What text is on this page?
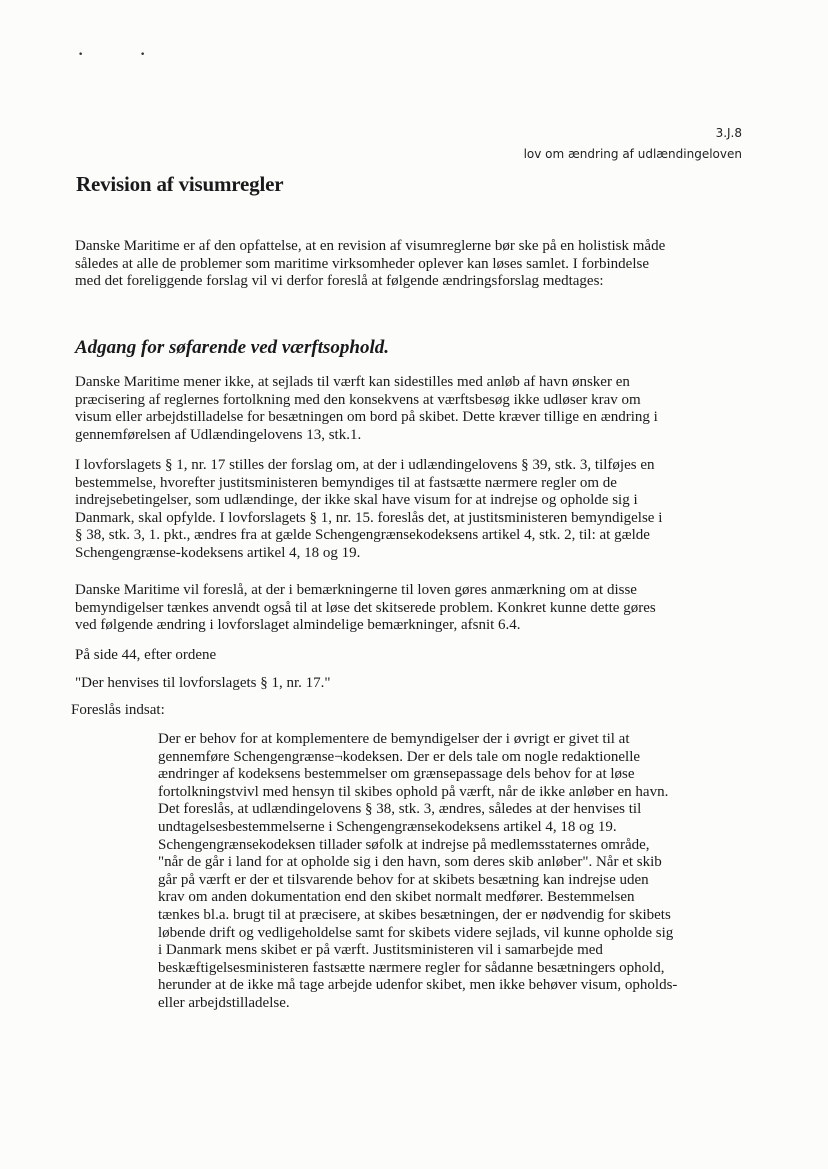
•	•
3.J.8
lov om ændring af udlændingeloven
Revision af visumregler

Danske Maritime er af den opfattelse, at en revision af visumreglerne bør ske på en holistisk måde
således at alle de problemer som maritime virksomheder oplever kan løses samlet. I forbindelse
med det foreliggende forslag vil vi derfor foreslå at følgende ændringsforslag medtages:

Adgang for søfarende ved værftsophold.

Danske Maritime mener ikke, at sejlads til værft kan sidestilles med anløb af havn ønsker en
præcisering af reglernes fortolkning med den konsekvens at værftsbesøg ikke udløser krav om
visum eller arbejdstilladelse for besætningen om bord på skibet. Dette kræver tillige en ændring i
gennemførelsen af Udlændingelovens 13, stk.1.

I lovforslagets § 1, nr. 17 stilles der forslag om, at der i udlændingelovens § 39, stk. 3, tilføjes en
bestemmelse, hvorefter justitsministeren bemyndiges til at fastsætte nærmere regler om de
indrejsebetingelser, som udlændinge, der ikke skal have visum for at indrejse og opholde sig i
Danmark, skal opfylde. I lovforslagets § 1, nr. 15. foreslås det, at justitsministeren bemyndigelse i
§ 38, stk. 3, 1. pkt., ændres fra at gælde Schengengrænsekodeksens artikel 4, stk. 2, til: at gælde
Schengengrænse-kodeksens artikel 4, 18 og 19.

Danske Maritime vil foreslå, at der i bemærkningerne til loven gøres anmærkning om at disse
bemyndigelser tænkes anvendt også til at løse det skitserede problem. Konkret kunne dette gøres
ved følgende ændring i lovforslaget almindelige bemærkninger, afsnit 6.4.

På side 44, efter ordene

"Der henvises til lovforslagets § 1, nr. 17."

Foreslås indsat:

Der er behov for at komplementere de bemyndigelser der i øvrigt er givet til at
gennemføre Schengengrænse¬kodeksen. Der er dels tale om nogle redaktionelle
ændringer af kodeksens bestemmelser om grænsepassage dels behov for at løse
fortolkningstvivl med hensyn til skibes ophold på værft, når de ikke anløber en havn.
Det foreslås, at udlændingelovens § 38, stk. 3, ændres, således at der henvises til
undtagelsesbestemmelserne i Schengengrænsekodeksens artikel 4, 18 og 19.
Schengengrænsekodeksen tillader søfolk at indrejse på medlemsstaternes område,
"når de går i land for at opholde sig i den havn, som deres skib anløber". Når et skib
går på værft er der et tilsvarende behov for at skibets besætning kan indrejse uden
krav om anden dokumentation end den skibet normalt medfører. Bestemmelsen
tænkes bl.a. brugt til at præcisere, at skibes besætningen, der er nødvendig for skibets
løbende drift og vedligeholdelse samt for skibets videre sejlads, vil kunne opholde sig
i Danmark mens skibet er på værft. Justitsministeren vil i samarbejde med
beskæftigelsesministeren fastsætte nærmere regler for sådanne besætningers ophold,
herunder at de ikke må tage arbejde udenfor skibet, men ikke behøver visum, opholds-
eller arbejdstilladelse.
